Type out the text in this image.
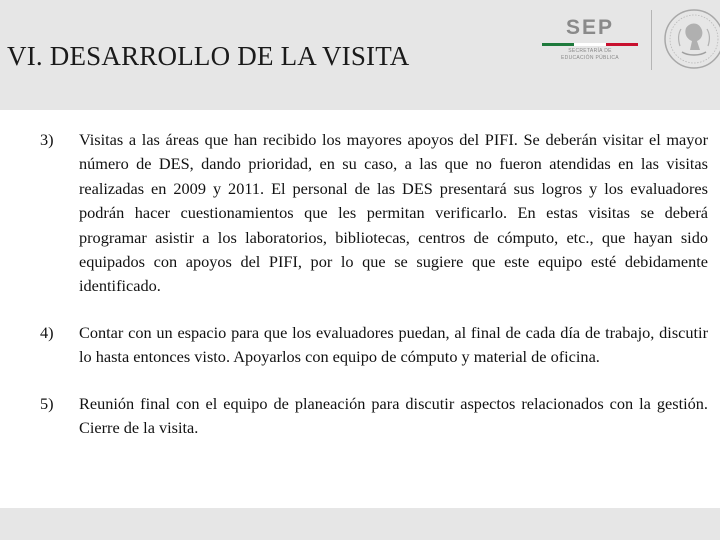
VI. DESARROLLO DE LA VISITA
SEP
SECRETARÍA DE
EDUCACIÓN PÚBLICA
3) Visitas a las áreas que han recibido los mayores apoyos del PIFI. Se deberán visitar el mayor número de DES, dando prioridad, en su caso, a las que no fueron atendidas en las visitas realizadas en 2009 y 2011. El personal de las DES presentará sus logros y los evaluadores podrán hacer cuestionamientos que les permitan verificarlo. En estas visitas se deberá programar asistir a los laboratorios, bibliotecas, centros de cómputo, etc., que hayan sido equipados con apoyos del PIFI, por lo que se sugiere que este equipo esté debidamente identificado.
4) Contar con un espacio para que los evaluadores puedan, al final de cada día de trabajo, discutir lo hasta entonces visto. Apoyarlos con equipo de cómputo y material de oficina.
5) Reunión final con el equipo de planeación para discutir aspectos relacionados con la gestión. Cierre de la visita.
